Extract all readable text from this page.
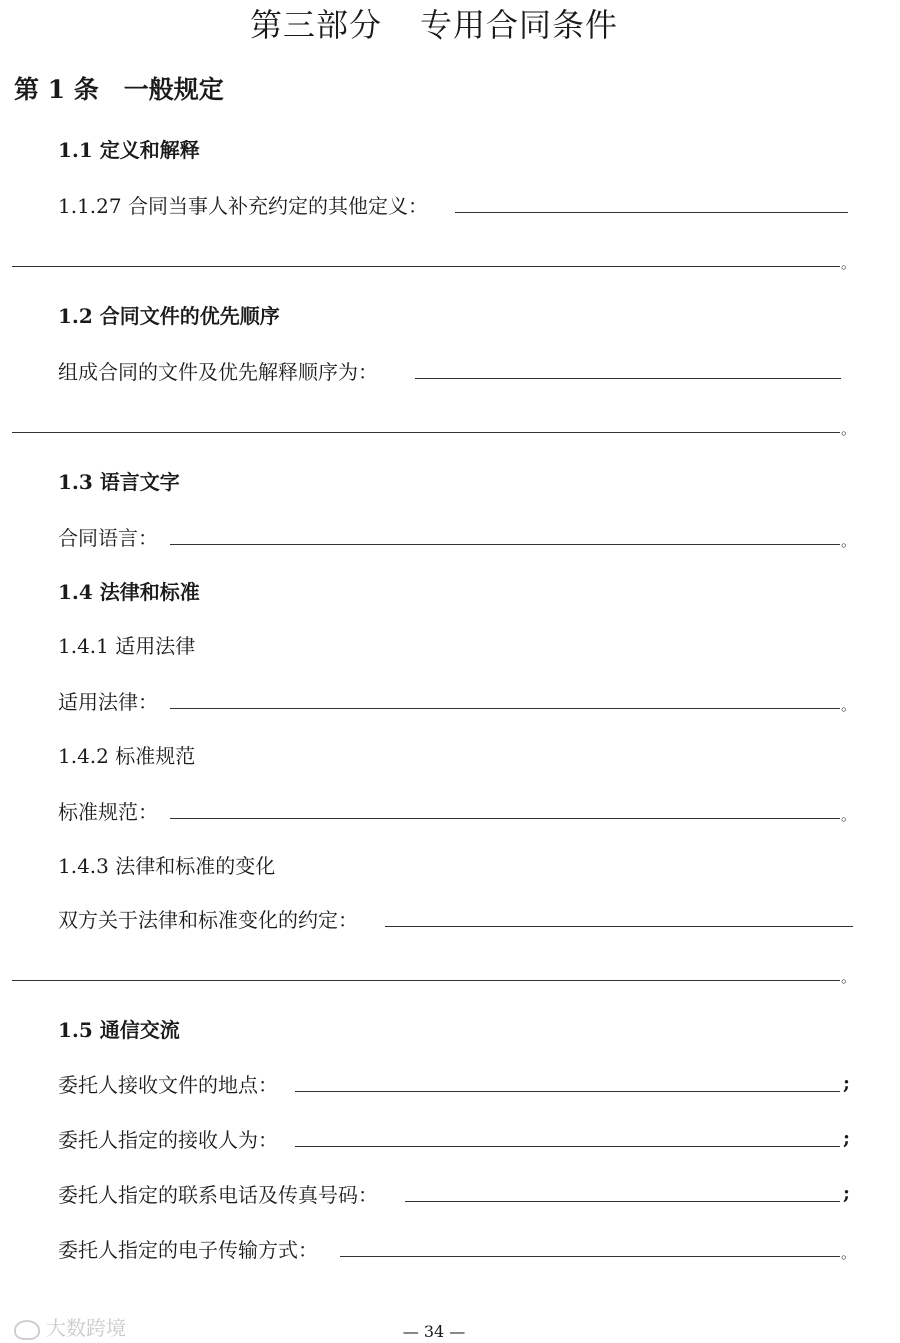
第三部分 专用合同条件
第 1 条　一般规定
1.1 定义和解释
1.1.27 合同当事人补充约定的其他定义：
。
1.2 合同文件的优先顺序
组成合同的文件及优先解释顺序为：
。
1.3 语言文字
合同语言：	。
1.4 法律和标准
1.4.1 适用法律
适用法律：	。
1.4.2 标准规范
标准规范：	。
1.4.3 法律和标准的变化
双方关于法律和标准变化的约定：
。
1.5 通信交流
委托人接收文件的地点：	;
委托人指定的接收人为：	;
委托人指定的联系电话及传真号码：	;
委托人指定的电子传输方式：	。
大数跨境	— 34 —
